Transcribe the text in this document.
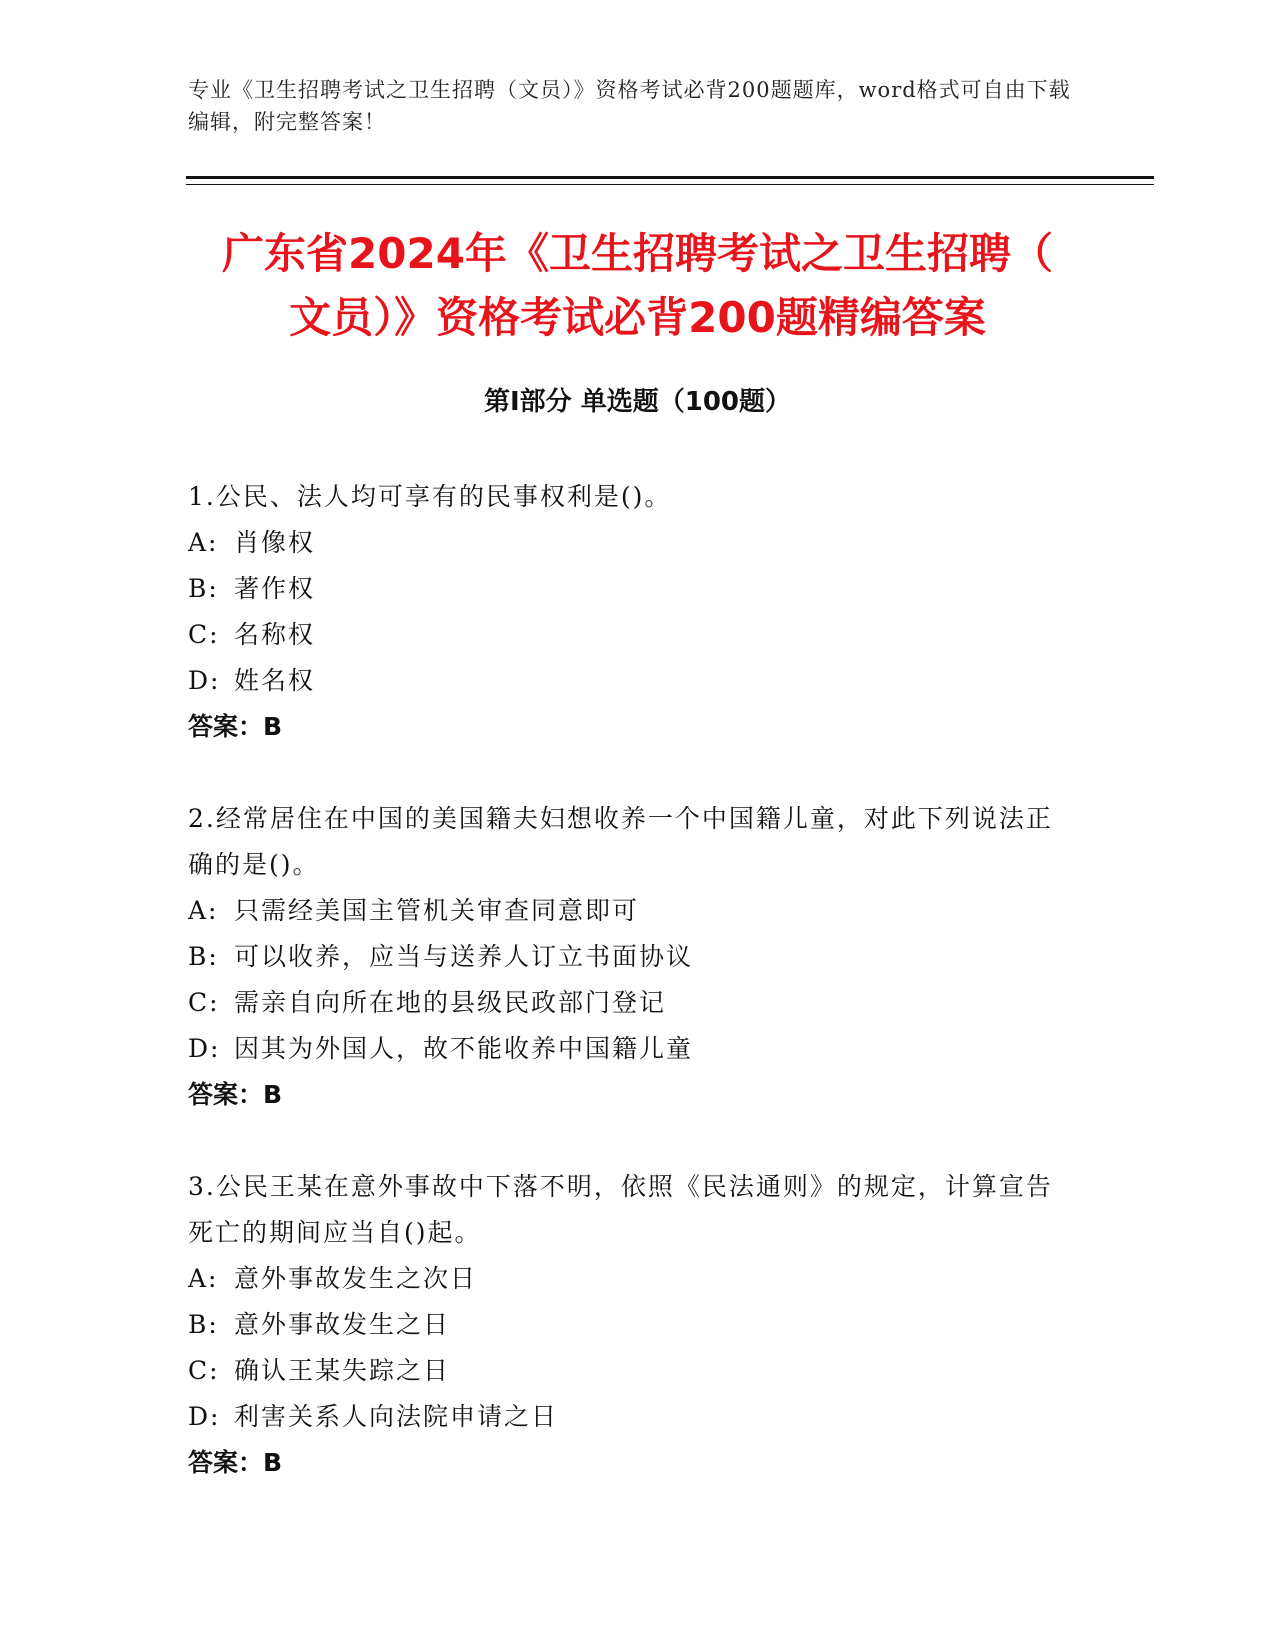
专业《卫生招聘考试之卫生招聘（文员）》资格考试必背200题题库，word格式可自由下载编辑，附完整答案！
广东省2024年《卫生招聘考试之卫生招聘（
文员）》资格考试必背200题精编答案
第Ⅰ部分 单选题（100题）
1.公民、法人均可享有的民事权利是()。
A: 肖像权
B: 著作权
C: 名称权
D: 姓名权
答案：B
2.经常居住在中国的美国籍夫妇想收养一个中国籍儿童，对此下列说法正确的是()。
A: 只需经美国主管机关审查同意即可
B: 可以收养，应当与送养人订立书面协议
C: 需亲自向所在地的县级民政部门登记
D: 因其为外国人，故不能收养中国籍儿童
答案：B
3.公民王某在意外事故中下落不明，依照《民法通则》的规定，计算宣告死亡的期间应当自()起。
A: 意外事故发生之次日
B: 意外事故发生之日
C: 确认王某失踪之日
D: 利害关系人向法院申请之日
答案：B
